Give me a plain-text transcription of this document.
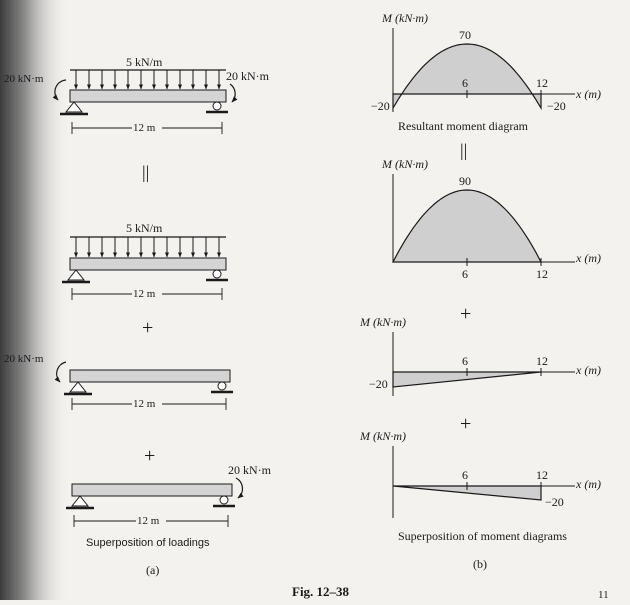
5 kN/m
20 kN·m	20 kN·m
12 m
||
5 kN/m
12 m
+
20 kN·m
12 m
+
20 kN·m
12 m
Superposition of loadings
(a)
M (kN·m)
6	12
70
−20	−20
x (m)
Resultant moment diagram
||
M (kN·m)
6	12
90
x (m)
+
M (kN·m)
6	12
−20
x (m)
+
M (kN·m)
6	12
−20
x (m)
Superposition of moment diagrams
(b)
Fig. 12–38	11
